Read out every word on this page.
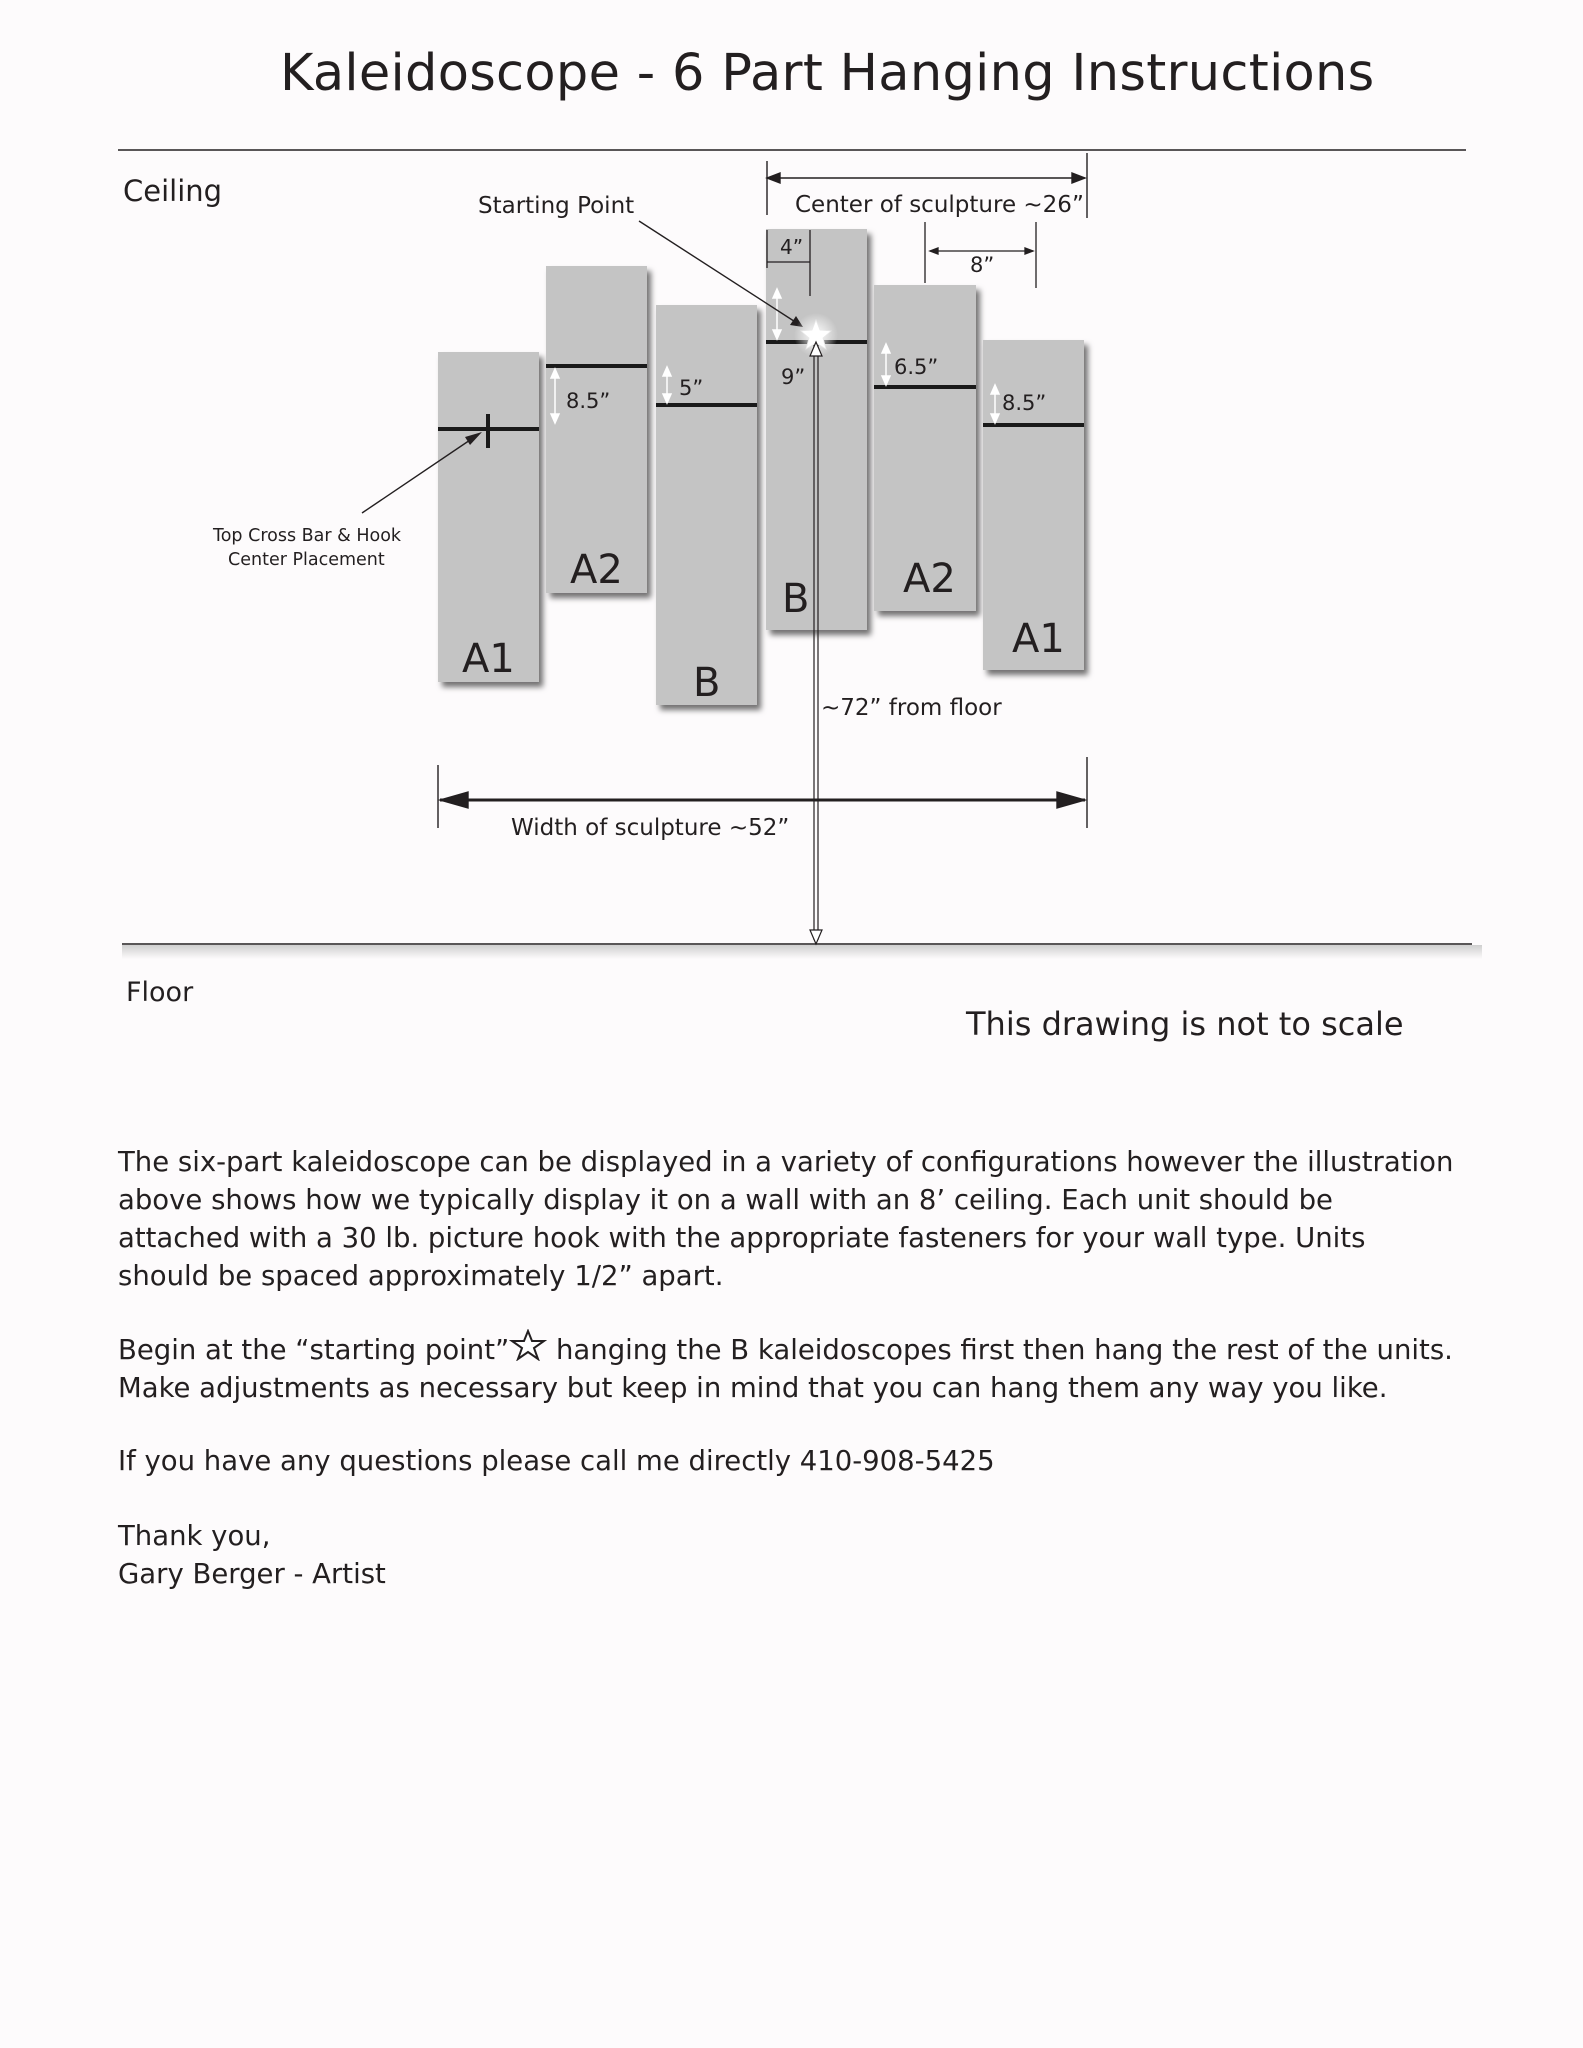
Kaleidoscope - 6 Part Hanging Instructions
Ceiling
Floor
A1
A2
B
B A2
A1
8.5”
5”	9”	6.5”
8.5”
4”
Center of sculpture ~26”
8”
Starting Point
~72” from floor
Width of sculpture ~52”
Top Cross Bar & Hook
Center Placement
This drawing is not to scale
The six-part kaleidoscope can be displayed in a variety of configurations however the illustration above shows how we typically display it on a wall with an 8’ ceiling. Each unit should be attached with a 30 lb. picture hook with the appropriate fasteners for your wall type. Units should be spaced approximately 1/2” apart.
Begin at the “starting point” hanging the B kaleidoscopes first then hang the rest of the units. Make adjustments as necessary but keep in mind that you can hang them any way you like.
If you have any questions please call me directly 410-908-5425
Thank you,
Gary Berger - Artist
